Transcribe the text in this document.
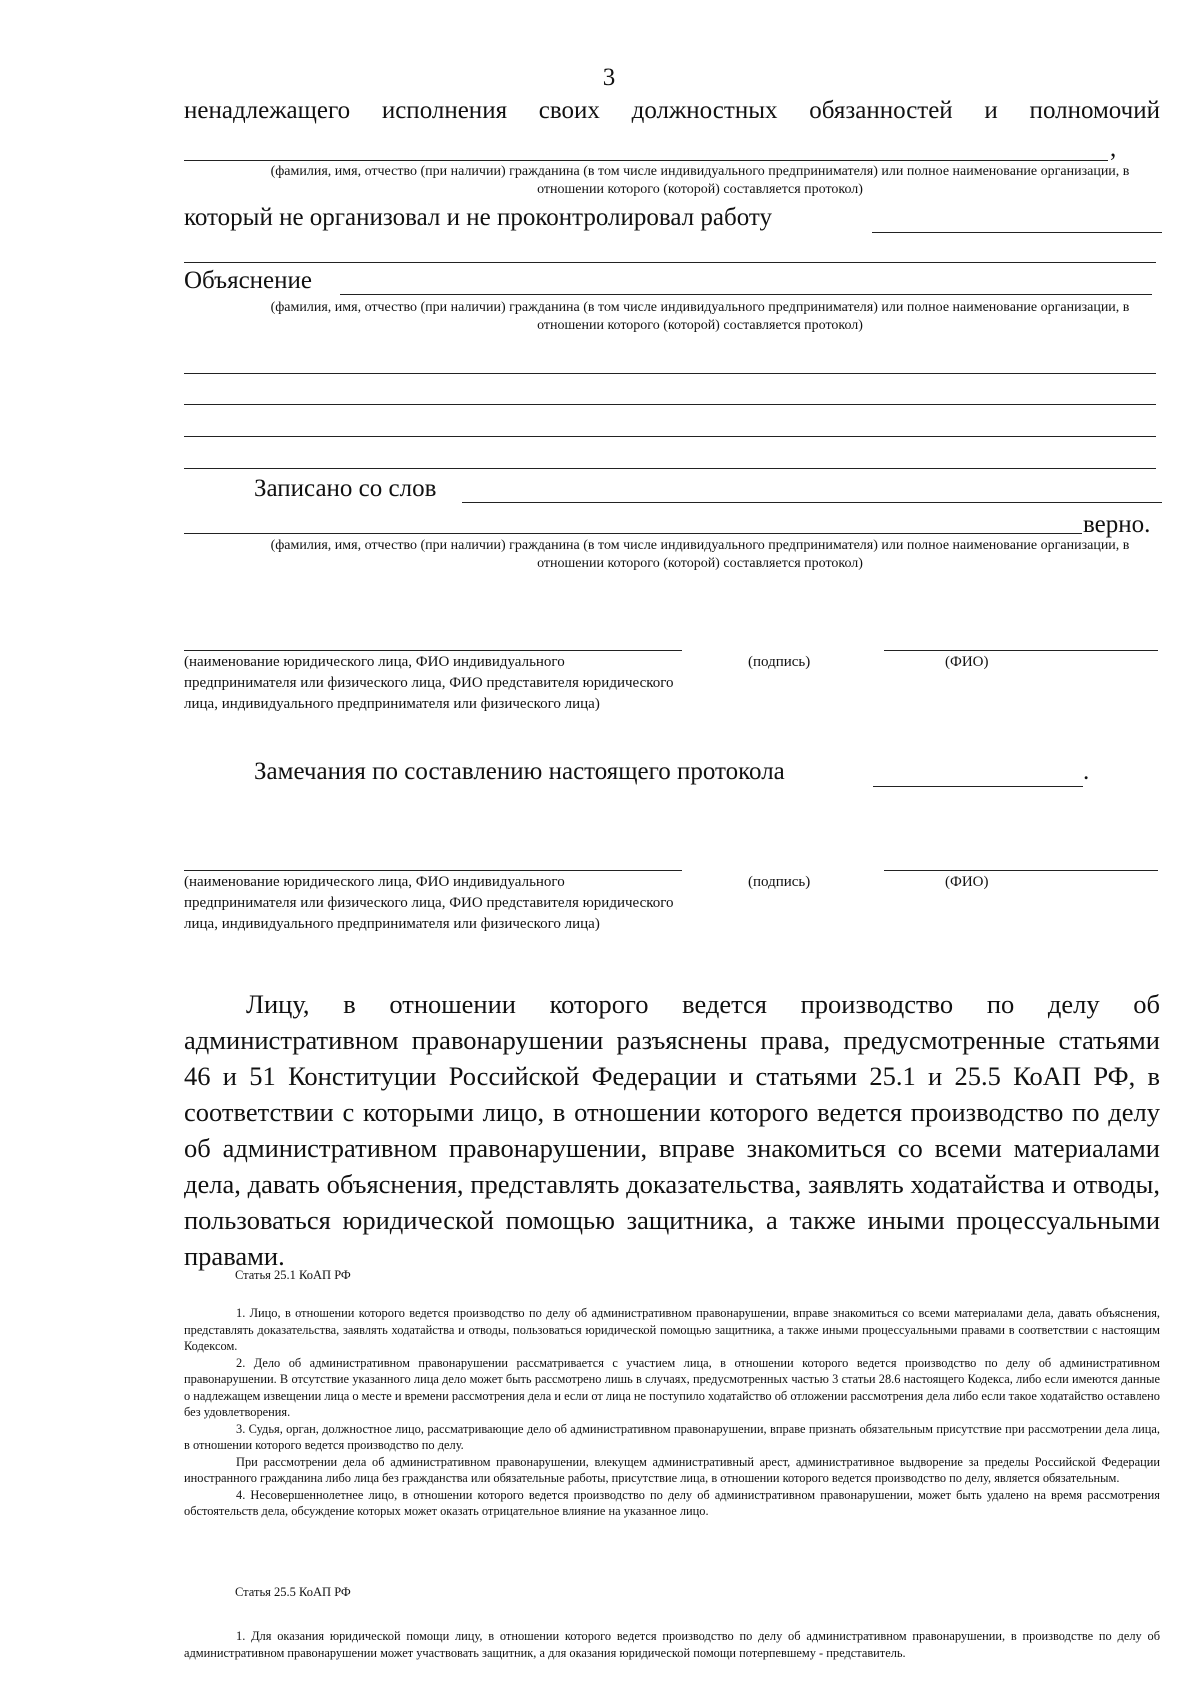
3
ненадлежащего исполнения своих должностных обязанностей и полномочий
,
(фамилия, имя, отчество (при наличии) гражданина (в том числе индивидуального предпринимателя) или полное наименование организации, в отношении которого (которой) составляется протокол)
который не организовал и не проконтролировал работу
Объяснение
(фамилия, имя, отчество (при наличии) гражданина (в том числе индивидуального предпринимателя) или полное наименование организации, в отношении которого (которой) составляется протокол)
Записано со слов
верно.
(фамилия, имя, отчество (при наличии) гражданина (в том числе индивидуального предпринимателя) или полное наименование организации, в отношении которого (которой) составляется протокол)
(наименование юридического лица, ФИО индивидуального предпринимателя или физического лица, ФИО представителя юридического лица, индивидуального предпринимателя или физического лица)
(подпись)	(ФИО)
Замечания по составлению настоящего протокола	.
(наименование юридического лица, ФИО индивидуального предпринимателя или физического лица, ФИО представителя юридического лица, индивидуального предпринимателя или физического лица)
(подпись)	(ФИО)
Лицу, в отношении которого ведется производство по делу об административном правонарушении разъяснены права, предусмотренные статьями 46 и 51 Конституции Российской Федерации и статьями 25.1 и 25.5 КоАП РФ, в соответствии с которыми лицо, в отношении которого ведется производство по делу об административном правонарушении, вправе знакомиться со всеми материалами дела, давать объяснения, представлять доказательства, заявлять ходатайства и отводы, пользоваться юридической помощью защитника, а также иными процессуальными правами.
Статья 25.1 КоАП РФ

1. Лицо, в отношении которого ведется производство по делу об административном правонарушении, вправе знакомиться со всеми материалами дела, давать объяснения, представлять доказательства, заявлять ходатайства и отводы, пользоваться юридической помощью защитника, а также иными процессуальными правами в соответствии с настоящим Кодексом.

2. Дело об административном правонарушении рассматривается с участием лица, в отношении которого ведется производство по делу об административном правонарушении. В отсутствие указанного лица дело может быть рассмотрено лишь в случаях, предусмотренных частью 3 статьи 28.6 настоящего Кодекса, либо если имеются данные о надлежащем извещении лица о месте и времени рассмотрения дела и если от лица не поступило ходатайство об отложении рассмотрения дела либо если такое ходатайство оставлено без удовлетворения.

3. Судья, орган, должностное лицо, рассматривающие дело об административном правонарушении, вправе признать обязательным присутствие при рассмотрении дела лица, в отношении которого ведется производство по делу.

При рассмотрении дела об административном правонарушении, влекущем административный арест, административное выдворение за пределы Российской Федерации иностранного гражданина либо лица без гражданства или обязательные работы, присутствие лица, в отношении которого ведется производство по делу, является обязательным.

4. Несовершеннолетнее лицо, в отношении которого ведется производство по делу об административном правонарушении, может быть удалено на время рассмотрения обстоятельств дела, обсуждение которых может оказать отрицательное влияние на указанное лицо.

Статья 25.5 КоАП РФ

1. Для оказания юридической помощи лицу, в отношении которого ведется производство по делу об административном правонарушении, в производстве по делу об административном правонарушении может участвовать защитник, а для оказания юридической помощи потерпевшему - представитель.
